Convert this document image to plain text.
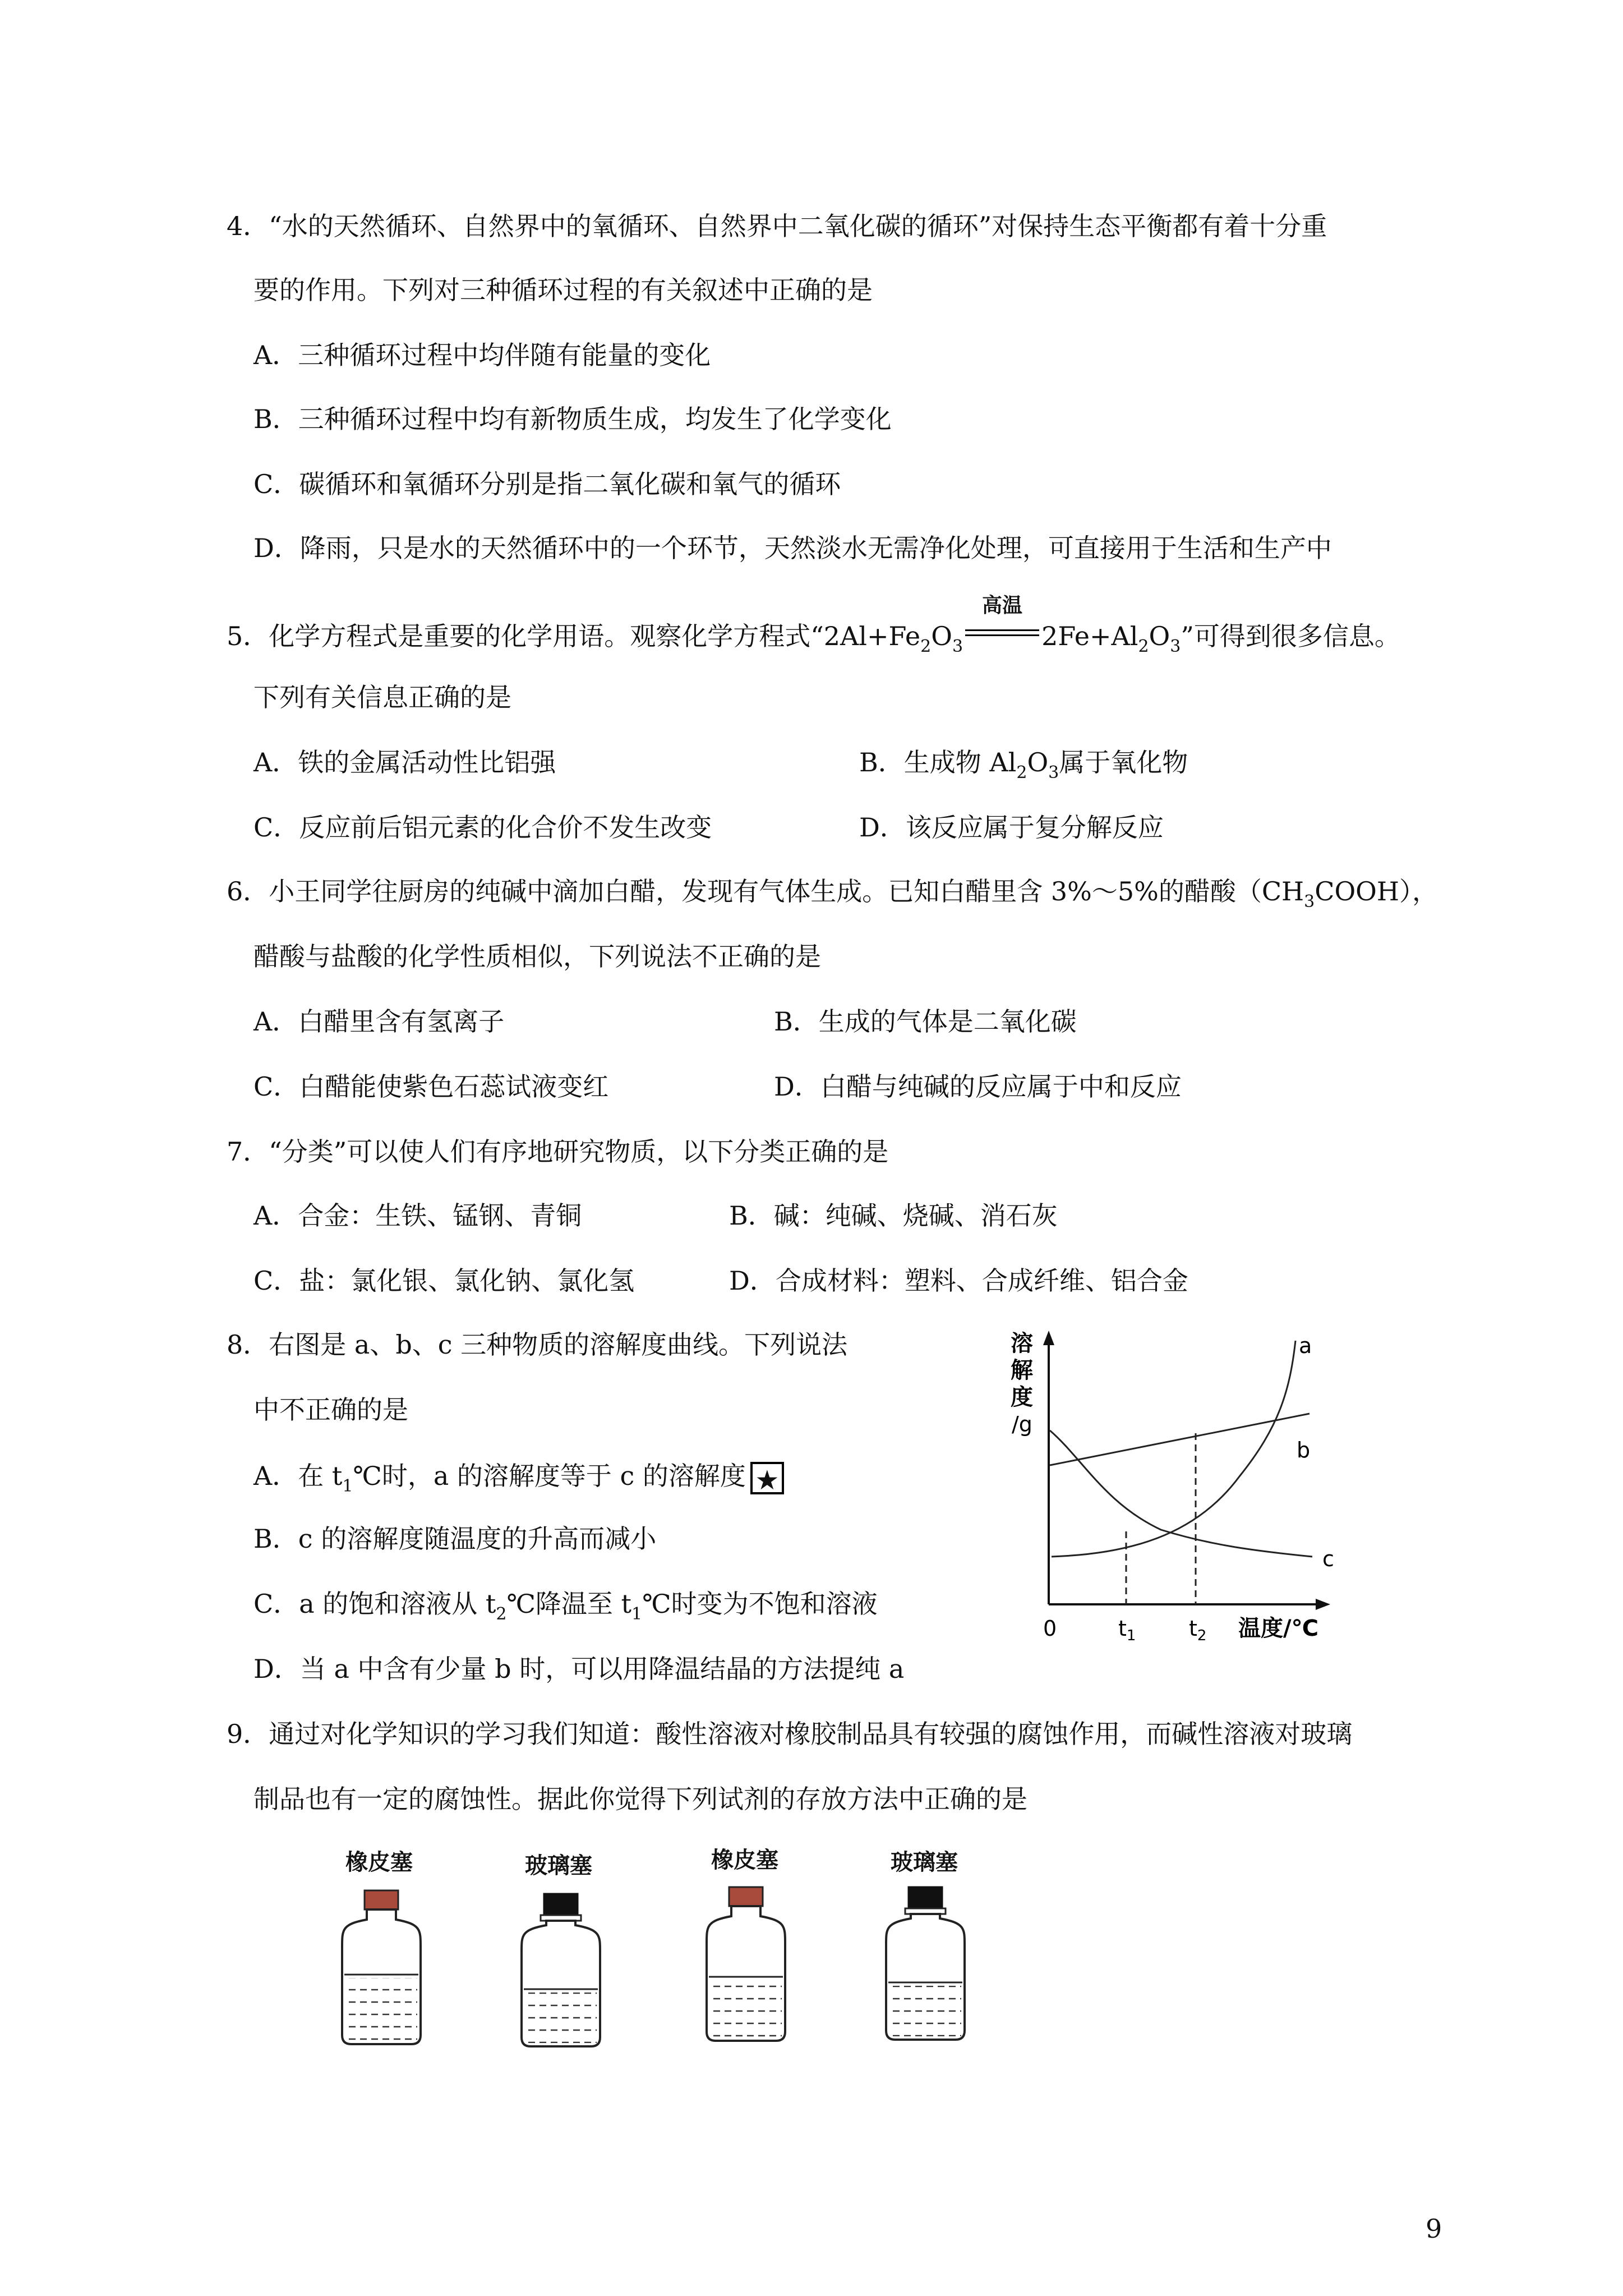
4．“水的天然循环、自然界中的氧循环、自然界中二氧化碳的循环”对保持生态平衡都有着十分重
要的作用。下列对三种循环过程的有关叙述中正确的是
A．三种循环过程中均伴随有能量的变化
B．三种循环过程中均有新物质生成，均发生了化学变化
C．碳循环和氧循环分别是指二氧化碳和氧气的循环
D．降雨，只是水的天然循环中的一个环节，天然淡水无需净化处理，可直接用于生活和生产中
5．化学方程式是重要的化学用语。观察化学方程式“$2Al+Fe_2O_3$
高温
$2Fe+Al_2O_3$”可得到很多信息。
下列有关信息正确的是
A．铁的金属活动性比铝强	B．生成物 $Al_2O_3$属于氧化物
C．反应前后铝元素的化合价不发生改变	D．该反应属于复分解反应
6．小王同学往厨房的纯碱中滴加白醋，发现有气体生成。已知白醋里含 3%～5%的醋酸$(CH_3COOH)$，
醋酸与盐酸的化学性质相似，下列说法不正确的是
A．白醋里含有氢离子	B．生成的气体是二氧化碳
C．白醋能使紫色石蕊试液变红	D．白醋与纯碱的反应属于中和反应
7．“分类”可以使人们有序地研究物质，以下分类正确的是
A．合金：生铁、锰钢、青铜	B．碱：纯碱、烧碱、消石灰
C．盐：氯化银、氯化钠、氯化氢	D．合成材料：塑料、合成纤维、铝合金
8．右图是 a、b、c 三种物质的溶解度曲线。下列说法
中不正确的是
A．在 $t_1℃$时，a 的溶解度等于 c 的溶解度 ★
B．c 的溶解度随温度的升高而减小
C．a 的饱和溶液从 $t_2℃$降温至 $t_1℃$时变为不饱和溶液
D．当 a 中含有少量 b 时，可以用降温结晶的方法提纯 a
溶
解
度
/g
a
b
c
0	$t_1$ $t_2$ 温度/℃
9．通过对化学知识的学习我们知道：酸性溶液对橡胶制品具有较强的腐蚀作用，而碱性溶液对玻璃
制品也有一定的腐蚀性。据此你觉得下列试剂的存放方法中正确的是
橡皮塞	玻璃塞	橡皮塞	玻璃塞
9
